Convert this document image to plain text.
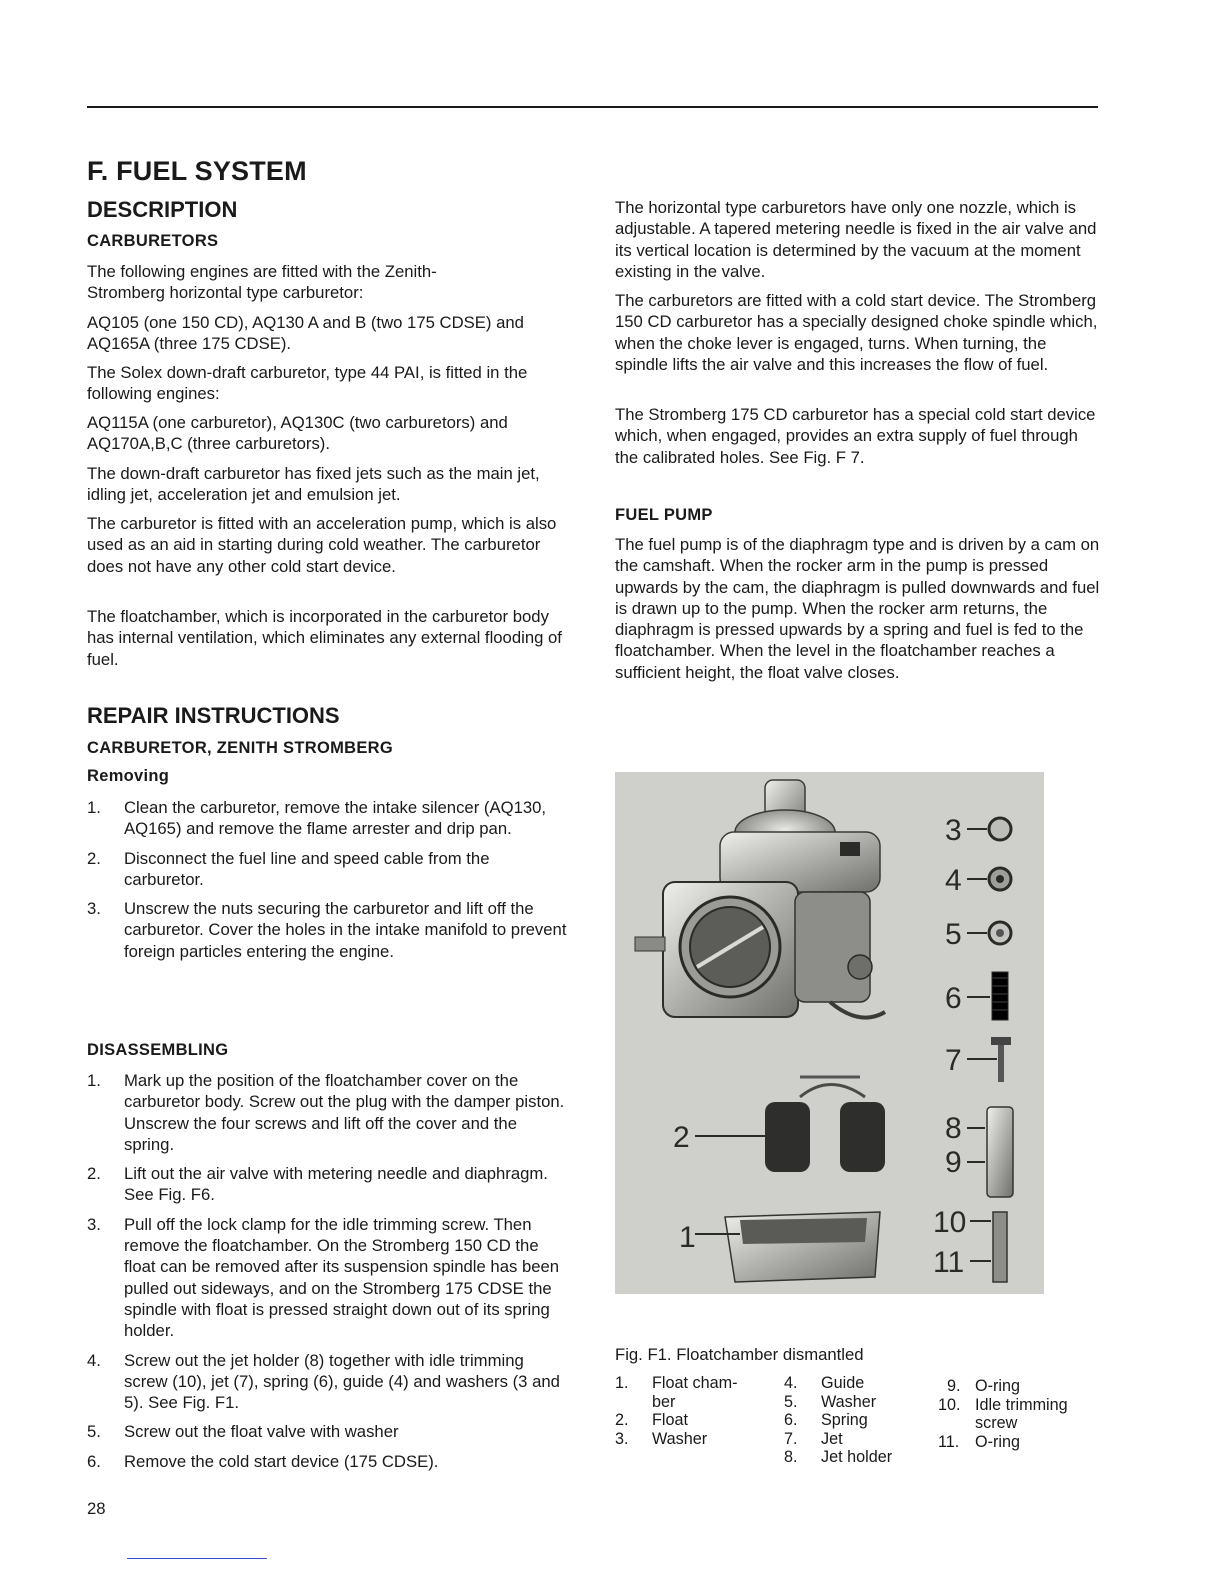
F. FUEL SYSTEM
DESCRIPTION
CARBURETORS

The following engines are fitted with the Zenith-Stromberg horizontal type carburetor:

AQ105 (one 150 CD), AQ130 A and B (two 175 CDSE) and AQ165A (three 175 CDSE).

The Solex down-draft carburetor, type 44 PAI, is fitted in the following engines:

AQ115A (one carburetor), AQ130C (two carburetors) and AQ170A,B,C (three carburetors).

The down-draft carburetor has fixed jets such as the main jet, idling jet, acceleration jet and emulsion jet.

The carburetor is fitted with an acceleration pump, which is also used as an aid in starting during cold weather. The carburetor does not have any other cold start device.

The floatchamber, which is incorporated in the carburetor body has internal ventilation, which eliminates any external flooding of fuel.

REPAIR INSTRUCTIONS
CARBURETOR, ZENITH STROMBERG
Removing
1. Clean the carburetor, remove the intake silencer (AQ130, AQ165) and remove the flame arrester and drip pan.
2. Disconnect the fuel line and speed cable from the carburetor.
3. Unscrew the nuts securing the carburetor and lift off the carburetor. Cover the holes in the intake manifold to prevent foreign particles entering the engine.
DISASSEMBLING
1. Mark up the position of the floatchamber cover on the carburetor body. Screw out the plug with the damper piston. Unscrew the four screws and lift off the cover and the spring.
2. Lift out the air valve with metering needle and diaphragm. See Fig. F6.
3. Pull off the lock clamp for the idle trimming screw. Then remove the floatchamber. On the Stromberg 150 CD the float can be removed after its suspension spindle has been pulled out sideways, and on the Stromberg 175 CDSE the spindle with float is pressed straight down out of its spring holder.
4. Screw out the jet holder (8) together with idle trimming screw (10), jet (7), spring (6), guide (4) and washers (3 and 5). See Fig. F1.
5. Screw out the float valve with washer
6. Remove the cold start device (175 CDSE).

The horizontal type carburetors have only one nozzle, which is adjustable. A tapered metering needle is fixed in the air valve and its vertical location is determined by the vacuum at the moment existing in the valve.

The carburetors are fitted with a cold start device. The Stromberg 150 CD carburetor has a specially designed choke spindle which, when the choke lever is engaged, turns. When turning, the spindle lifts the air valve and this increases the flow of fuel.

The Stromberg 175 CD carburetor has a special cold start device which, when engaged, provides an extra supply of fuel through the calibrated holes. See Fig. F 7.

FUEL PUMP

The fuel pump is of the diaphragm type and is driven by a cam on the camshaft. When the rocker arm in the pump is pressed upwards by the cam, the diaphragm is pulled downwards and fuel is drawn up to the pump. When the rocker arm returns, the diaphragm is pressed upwards by a spring and fuel is fed to the floatchamber. When the level in the floatchamber reaches a sufficient height, the float valve closes.

3
4
5
6
7
8
9
10
11
2
1
Fig. F1. Floatchamber dismantled
1. Float cham-
ber
2. Float
3. Washer
4. Guide
5. Washer
6. Spring
7. Jet
8. Jet holder
9. O-ring
10. Idle trimming
screw
11. O-ring
28
